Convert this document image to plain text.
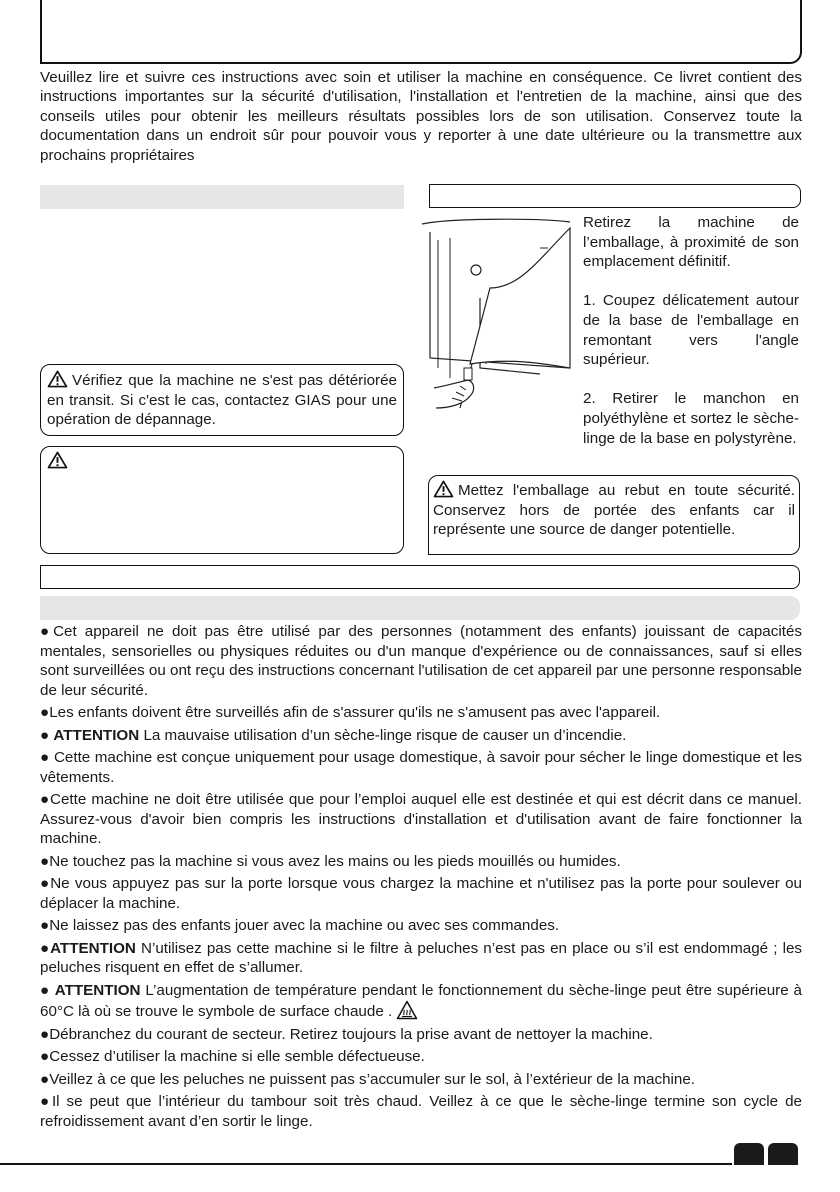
Veuillez lire et suivre ces instructions avec soin et utiliser la machine en conséquence. Ce livret contient des instructions importantes sur la sécurité d'utilisation, l'installation et l'entretien de la machine, ainsi que des conseils utiles pour obtenir les meilleurs résultats possibles lors de son utilisation. Conservez toute la documentation dans un endroit sûr pour pouvoir vous y reporter à une date ultérieure ou la transmettre aux prochains propriétaires

Retirez la machine de l’emballage, à proximité de son emplacement définitif.

1. Coupez délicatement autour de la base de l'emballage en remontant vers l'angle supérieur.

2. Retirer le manchon en polyéthylène et sortez le sèche-linge de la base en polystyrène.

Vérifiez que la machine ne s'est pas détériorée en transit. Si c'est le cas, contactez GIAS pour une opération de dépannage.
Mettez l'emballage au rebut en toute sécurité. Conservez hors de portée des enfants car il représente une source de danger potentielle.

●Cet appareil ne doit pas être utilisé par des personnes (notamment des enfants) jouissant de capacités mentales, sensorielles ou physiques réduites ou d'un manque d'expérience ou de connaissances, sauf si elles sont surveillées ou ont reçu des instructions concernant l'utilisation de cet appareil par une personne responsable de leur sécurité.

●Les enfants doivent être surveillés afin de s'assurer qu'ils ne s'amusent pas avec l'appareil.

● ATTENTION La mauvaise utilisation d’un sèche-linge risque de causer un d’incendie.

● Cette machine est conçue uniquement pour usage domestique, à savoir pour sécher le linge domestique et les vêtements.

●Cette machine ne doit être utilisée que pour l’emploi auquel elle est destinée et qui est décrit dans ce manuel. Assurez-vous d'avoir bien compris les instructions d'installation et d'utilisation avant de faire fonctionner la machine.

●Ne touchez pas la machine si vous avez les mains ou les pieds mouillés ou humides.

●Ne vous appuyez pas sur la porte lorsque vous chargez la machine et n'utilisez pas la porte pour soulever ou déplacer la machine.

●Ne laissez pas des enfants jouer avec la machine ou avec ses commandes.

●ATTENTION N’utilisez pas cette machine si le filtre à peluches n’est pas en place ou s’il est endommagé ; les peluches risquent en effet de s’allumer.

● ATTENTION L’augmentation de température pendant le fonctionnement du sèche-linge peut être supérieure à 60°C là où se trouve le symbole de surface chaude .

●Débranchez du courant de secteur. Retirez toujours la prise avant de nettoyer la machine.

●Cessez d’utiliser la machine si elle semble défectueuse.

●Veillez à ce que les peluches ne puissent pas s’accumuler sur le sol, à l’extérieur de la machine.

●Il se peut que l’intérieur du tambour soit très chaud. Veillez à ce que le sèche-linge termine son cycle de refroidissement avant d’en sortir le linge.
